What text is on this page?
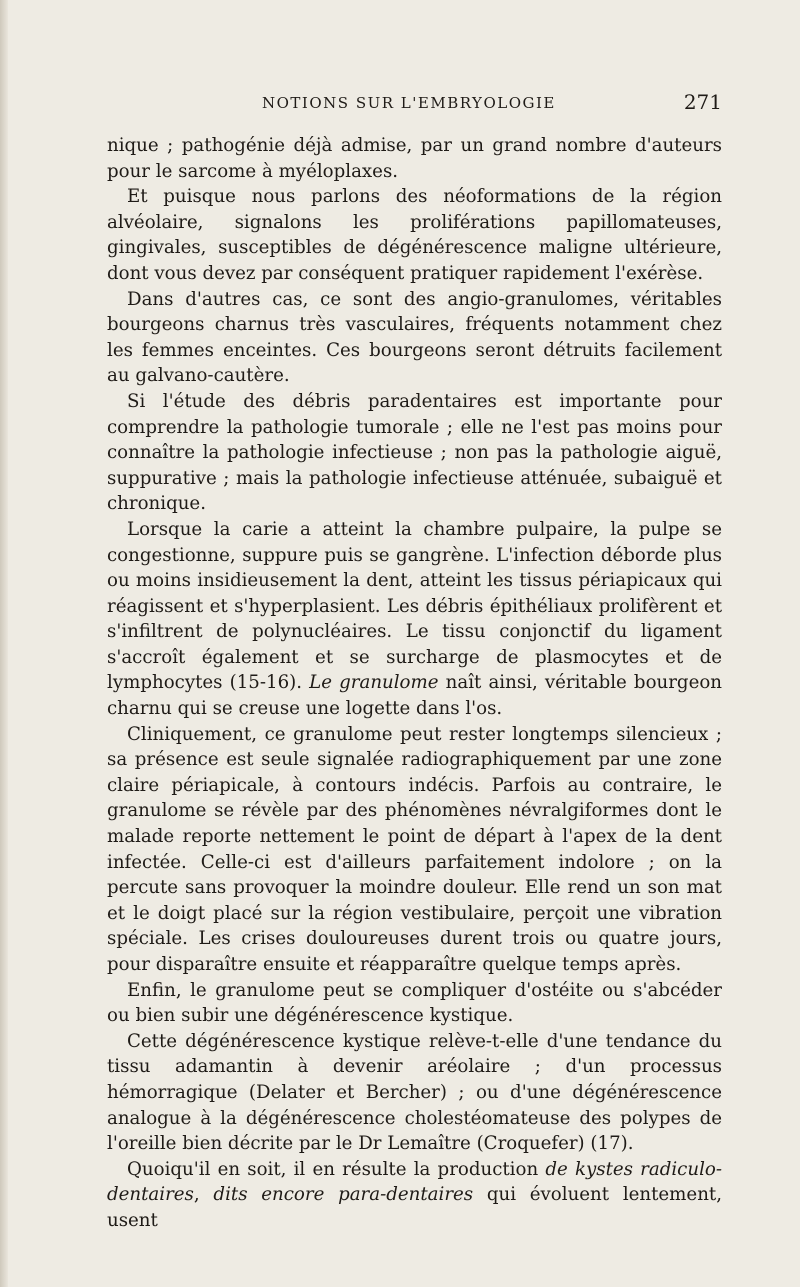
NOTIONS SUR L'EMBRYOLOGIE	271

nique ; pathogénie déjà admise, par un grand nombre d'auteurs pour le sarcome à myéloplaxes.

Et puisque nous parlons des néoformations de la région alvéolaire, signalons les proliférations papillomateuses, gingivales, susceptibles de dégénérescence maligne ultérieure, dont vous devez par conséquent pratiquer rapidement l'exérèse.

Dans d'autres cas, ce sont des angio-granulomes, véritables bourgeons charnus très vasculaires, fréquents notamment chez les femmes enceintes. Ces bourgeons seront détruits facilement au galvano-cautère.

Si l'étude des débris paradentaires est importante pour comprendre la pathologie tumorale ; elle ne l'est pas moins pour connaître la pathologie infectieuse ; non pas la pathologie aiguë, suppurative ; mais la pathologie infectieuse atténuée, subaiguë et chronique.

Lorsque la carie a atteint la chambre pulpaire, la pulpe se congestionne, suppure puis se gangrène. L'infection déborde plus ou moins insidieusement la dent, atteint les tissus périapicaux qui réagissent et s'hyperplasient. Les débris épithéliaux prolifèrent et s'infiltrent de polynucléaires. Le tissu conjonctif du ligament s'accroît également et se surcharge de plasmocytes et de lymphocytes (15-16). Le granulome naît ainsi, véritable bourgeon charnu qui se creuse une logette dans l'os.

Cliniquement, ce granulome peut rester longtemps silencieux ; sa présence est seule signalée radiographiquement par une zone claire périapicale, à contours indécis. Parfois au contraire, le granulome se révèle par des phénomènes névralgiformes dont le malade reporte nettement le point de départ à l'apex de la dent infectée. Celle-ci est d'ailleurs parfaitement indolore ; on la percute sans provoquer la moindre douleur. Elle rend un son mat et le doigt placé sur la région vestibulaire, perçoit une vibration spéciale. Les crises douloureuses durent trois ou quatre jours, pour disparaître ensuite et réapparaître quelque temps après.

Enfin, le granulome peut se compliquer d'ostéite ou s'abcéder ou bien subir une dégénérescence kystique.

Cette dégénérescence kystique relève-t-elle d'une tendance du tissu adamantin à devenir aréolaire ; d'un processus hémorragique (Delater et Bercher) ; ou d'une dégénérescence analogue à la dégénérescence cholestéomateuse des polypes de l'oreille bien décrite par le Dr Lemaître (Croquefer) (17).

Quoiqu'il en soit, il en résulte la production de kystes radiculo-dentaires, dits encore para-dentaires qui évoluent lentement, usent
